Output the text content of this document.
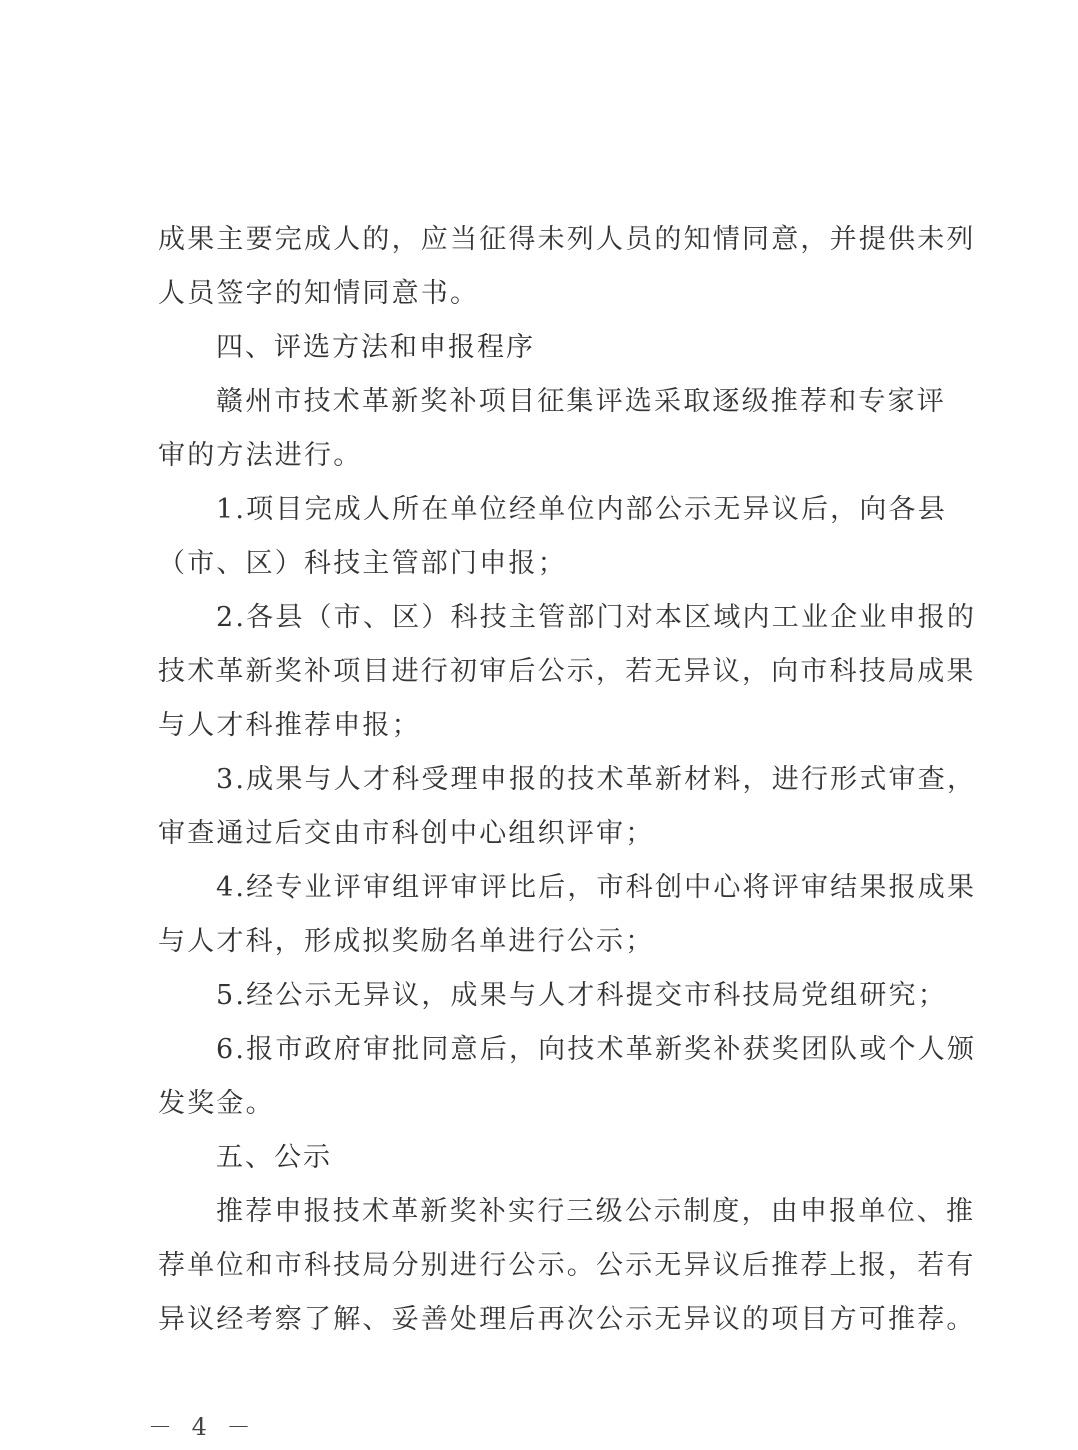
成果主要完成人的，应当征得未列人员的知情同意，并提供未列

人员签字的知情同意书。

四、评选方法和申报程序

赣州市技术革新奖补项目征集评选采取逐级推荐和专家评

审的方法进行。

1.项目完成人所在单位经单位内部公示无异议后，向各县

（市、区）科技主管部门申报；

2.各县（市、区）科技主管部门对本区域内工业企业申报的

技术革新奖补项目进行初审后公示，若无异议，向市科技局成果

与人才科推荐申报；

3.成果与人才科受理申报的技术革新材料，进行形式审查，

审查通过后交由市科创中心组织评审；

4.经专业评审组评审评比后，市科创中心将评审结果报成果

与人才科，形成拟奖励名单进行公示；

5.经公示无异议，成果与人才科提交市科技局党组研究；

6.报市政府审批同意后，向技术革新奖补获奖团队或个人颁

发奖金。

五、公示

推荐申报技术革新奖补实行三级公示制度，由申报单位、推

荐单位和市科技局分别进行公示。公示无异议后推荐上报，若有

异议经考察了解、妥善处理后再次公示无异议的项目方可推荐。

－ 4 －
